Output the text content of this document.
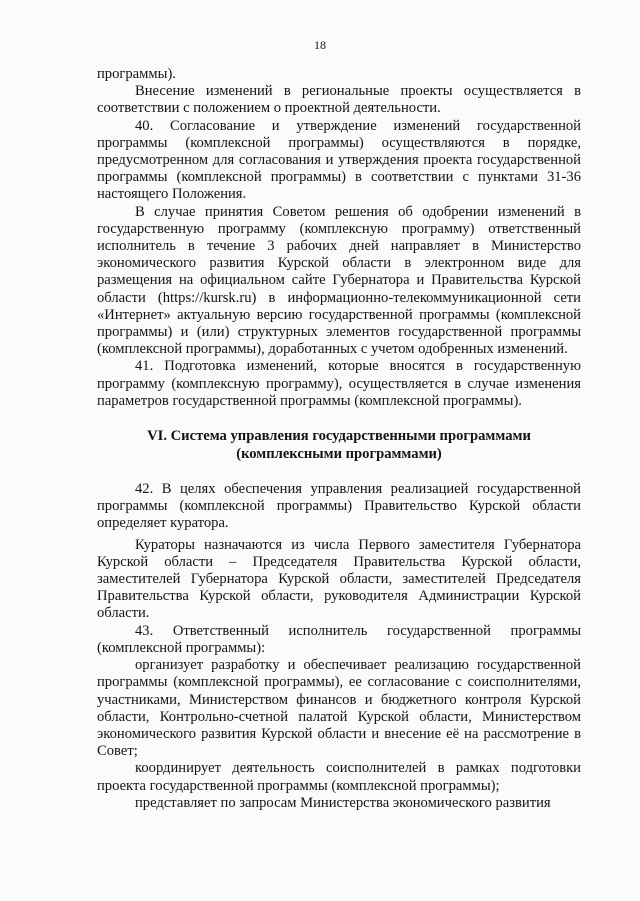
18

программы).

Внесение изменений в региональные проекты осуществляется в соответствии с положением о проектной деятельности.

40. Согласование и утверждение изменений государственной программы (комплексной программы) осуществляются в порядке, предусмотренном для согласования и утверждения проекта государственной программы (комплексной программы) в соответствии с пунктами 31-36 настоящего Положения.

В случае принятия Советом решения об одобрении изменений в государственную программу (комплексную программу) ответственный исполнитель в течение 3 рабочих дней направляет в Министерство экономического развития Курской области в электронном виде для размещения на официальном сайте Губернатора и Правительства Курской области (https://kursk.ru) в информационно-телекоммуникационной сети «Интернет» актуальную версию государственной программы (комплексной программы) и (или) структурных элементов государственной программы (комплексной программы), доработанных с учетом одобренных изменений.

41. Подготовка изменений, которые вносятся в государственную программу (комплексную программу), осуществляется в случае изменения параметров государственной программы (комплексной программы).

VI. Система управления государственными программами
(комплексными программами)

42. В целях обеспечения управления реализацией государственной программы (комплексной программы) Правительство Курской области определяет куратора.

Кураторы назначаются из числа Первого заместителя Губернатора Курской области – Председателя Правительства Курской области, заместителей Губернатора Курской области, заместителей Председателя Правительства Курской области, руководителя Администрации Курской области.

43. Ответственный исполнитель государственной программы (комплексной программы):

организует разработку и обеспечивает реализацию государственной программы (комплексной программы), ее согласование с соисполнителями, участниками, Министерством финансов и бюджетного контроля Курской области, Контрольно-счетной палатой Курской области, Министерством экономического развития Курской области и внесение её на рассмотрение в Совет;

координирует деятельность соисполнителей в рамках подготовки проекта государственной программы (комплексной программы);

представляет по запросам Министерства экономического развития
